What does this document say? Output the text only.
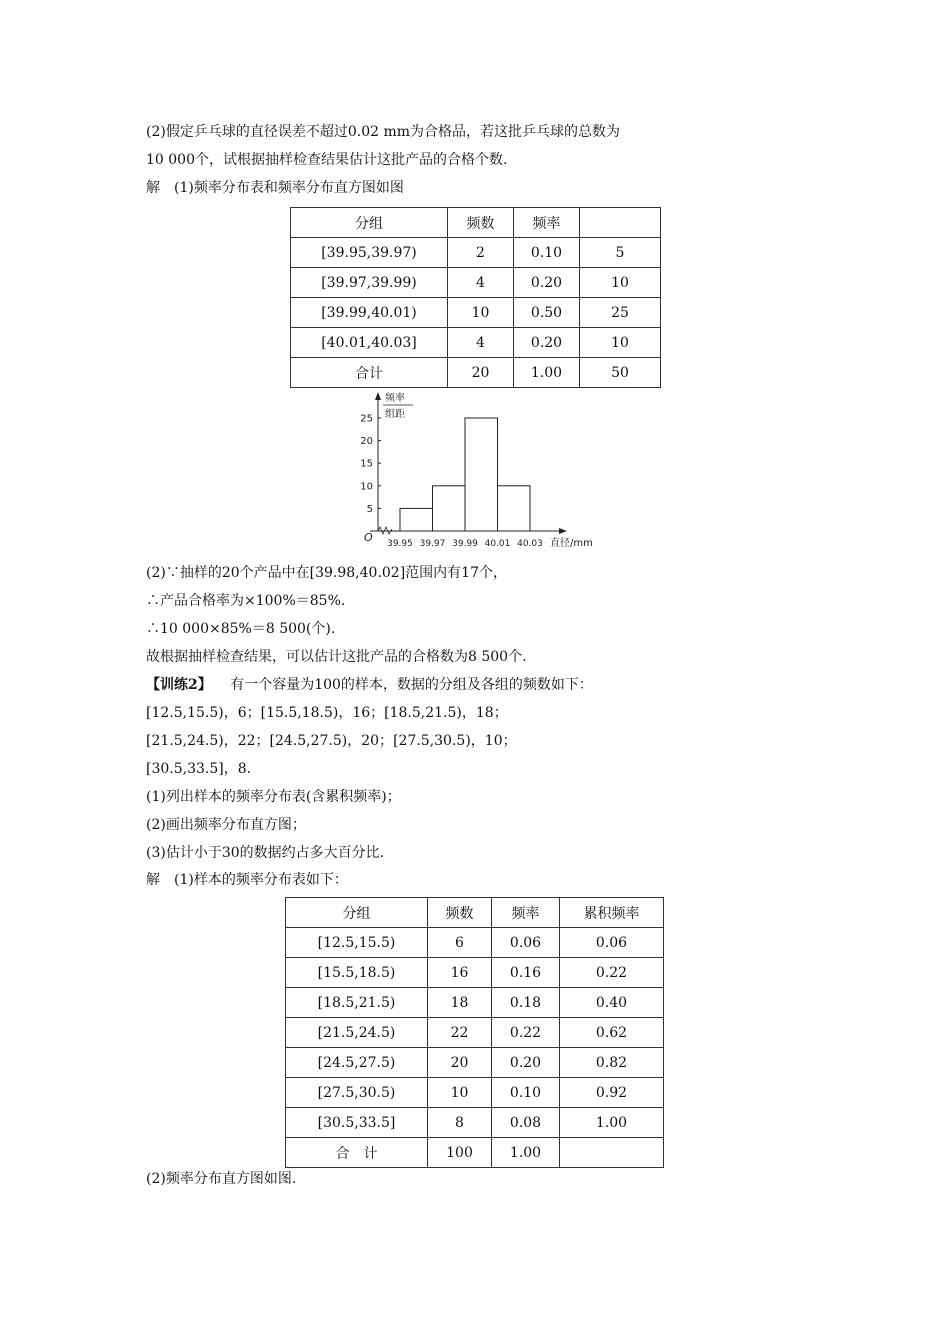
(2)假定乒乓球的直径误差不超过0.02 mm为合格品，若这批乒乓球的总数为
10 000个，试根据抽样检查结果估计这批产品的合格个数.
解　(1)频率分布表和频率分布直方图如图
分组	频数	频率	
[39.95,39.97)	2	0.10	5
[39.97,39.99)	4	0.20	10
[39.99,40.01)	10	0.50	25
[40.01,40.03]	4	0.20	10
合计	20	1.00	50
频率
组距
O	直径/mm
5
10
15
20
25
39.95 39.97 39.99 40.01 40.03
(2)∵抽样的20个产品中在[39.98,40.02]范围内有17个，
∴产品合格率为×100%＝85%.
∴10 000×85%＝8 500(个).
故根据抽样检查结果，可以估计这批产品的合格数为8 500个.
【训练2】 有一个容量为100的样本，数据的分组及各组的频数如下：
[12.5,15.5)，6；[15.5,18.5)，16；[18.5,21.5)，18；
[21.5,24.5)，22；[24.5,27.5)，20；[27.5,30.5)，10；
[30.5,33.5]，8.
(1)列出样本的频率分布表(含累积频率)；
(2)画出频率分布直方图；
(3)估计小于30的数据约占多大百分比.
解　(1)样本的频率分布表如下：
分组	频数	频率	累积频率
[12.5,15.5)	6	0.06	0.06
[15.5,18.5)	16	0.16	0.22
[18.5,21.5)	18	0.18	0.40
[21.5,24.5)	22	0.22	0.62
[24.5,27.5)	20	0.20	0.82
[27.5,30.5)	10	0.10	0.92
[30.5,33.5]	8	0.08	1.00
合　计	100	1.00	
(2)频率分布直方图如图.
